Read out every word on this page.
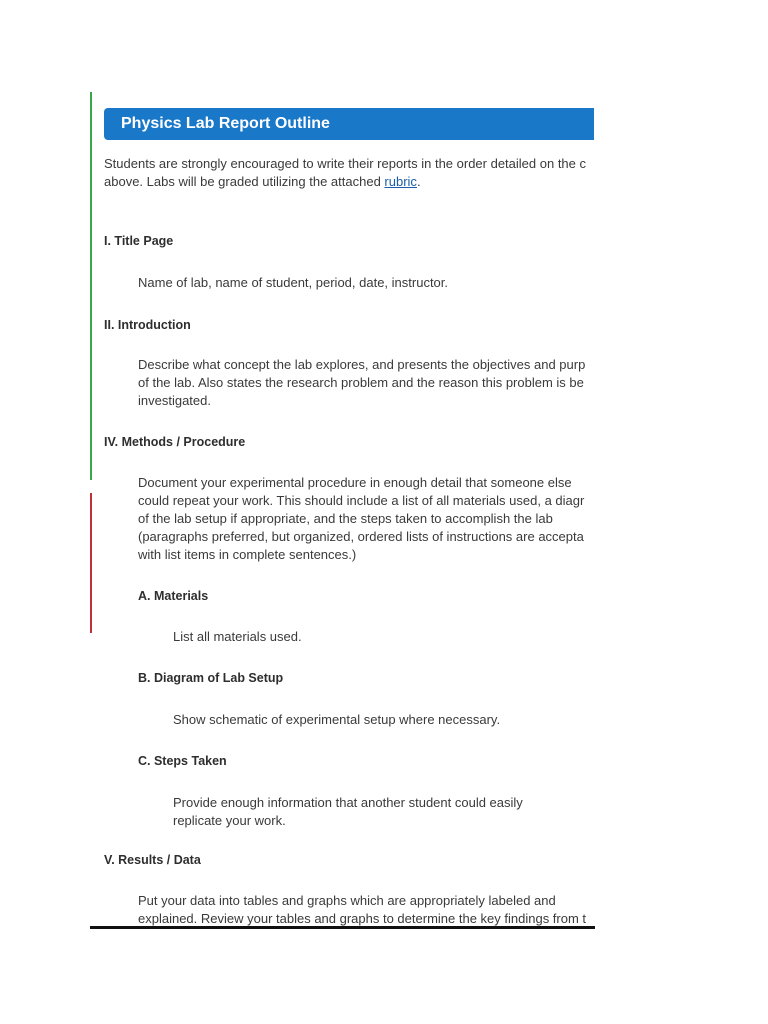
Physics Lab Report Outline
Students are strongly encouraged to write their reports in the order detailed on the c
above. Labs will be graded utilizing the attached rubric.
I. Title Page
Name of lab, name of student, period, date, instructor.
II. Introduction
Describe what concept the lab explores, and presents the objectives and purp
of the lab. Also states the research problem and the reason this problem is be
investigated.
IV. Methods / Procedure
Document your experimental procedure in enough detail that someone else
could repeat your work. This should include a list of all materials used, a diagr
of the lab setup if appropriate, and the steps taken to accomplish the lab
(paragraphs preferred, but organized, ordered lists of instructions are accepta
with list items in complete sentences.)
A. Materials
List all materials used.
B. Diagram of Lab Setup
Show schematic of experimental setup where necessary.
C. Steps Taken
Provide enough information that another student could easily
replicate your work.
V. Results / Data
Put your data into tables and graphs which are appropriately labeled and
explained. Review your tables and graphs to determine the key findings from t
